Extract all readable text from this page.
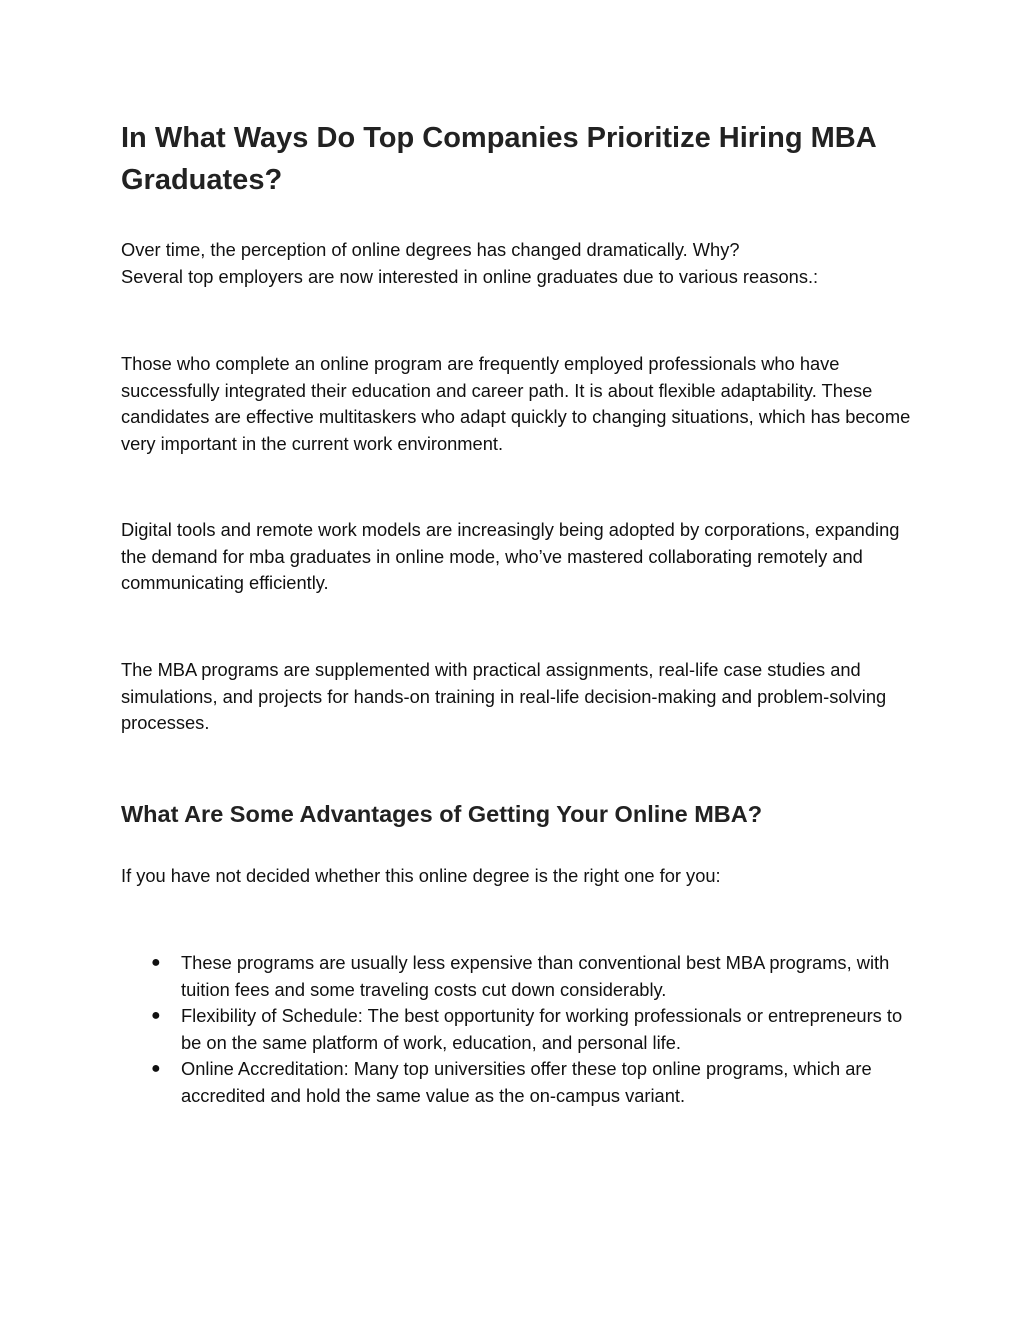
In What Ways Do Top Companies Prioritize Hiring MBA Graduates?

Over time, the perception of online degrees has changed dramatically. Why?
Several top employers are now interested in online graduates due to various reasons.:

Those who complete an online program are frequently employed professionals who have successfully integrated their education and career path. It is about flexible adaptability. These candidates are effective multitaskers who adapt quickly to changing situations, which has become very important in the current work environment.

Digital tools and remote work models are increasingly being adopted by corporations, expanding the demand for mba graduates in online mode, who’ve mastered collaborating remotely and communicating efficiently.

The MBA programs are supplemented with practical assignments, real-life case studies and simulations, and projects for hands-on training in real-life decision-making and problem-solving processes.

What Are Some Advantages of Getting Your Online MBA?

If you have not decided whether this online degree is the right one for you:

● These programs are usually less expensive than conventional best MBA programs, with tuition fees and some traveling costs cut down considerably.
● Flexibility of Schedule: The best opportunity for working professionals or entrepreneurs to be on the same platform of work, education, and personal life.
● Online Accreditation: Many top universities offer these top online programs, which are accredited and hold the same value as the on-campus variant.
